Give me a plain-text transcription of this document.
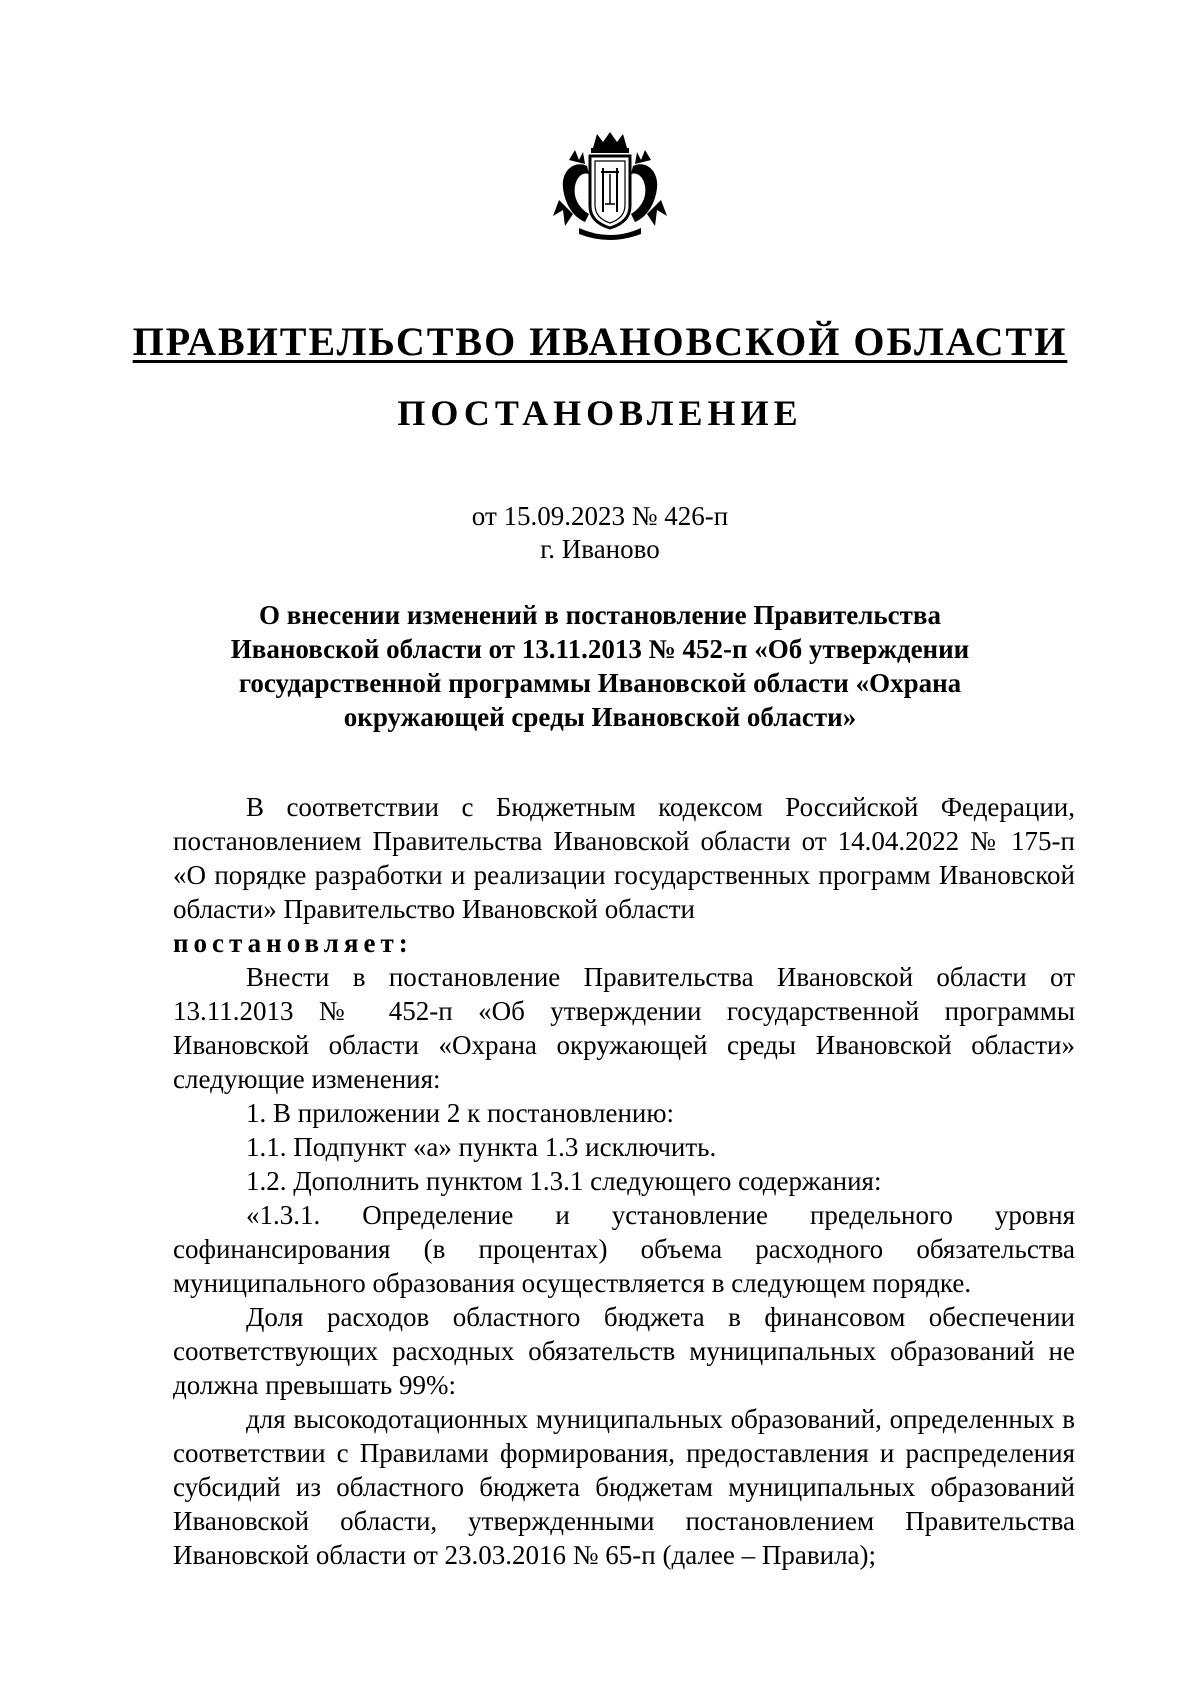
ПРАВИТЕЛЬСТВО ИВАНОВСКОЙ ОБЛАСТИ
ПОСТАНОВЛЕНИЕ
от 15.09.2023 № 426-п
г. Иваново
О внесении изменений в постановление Правительства
Ивановской области от 13.11.2013 № 452-п «Об утверждении
государственной программы Ивановской области «Охрана
окружающей среды Ивановской области»

В соответствии с Бюджетным кодексом Российской Федерации, постановлением Правительства Ивановской области от 14.04.2022 № 175-п «О порядке разработки и реализации государственных программ Ивановской области» Правительство Ивановской области

постановляет:

Внести в постановление Правительства Ивановской области от 13.11.2013 № 452-п «Об утверждении государственной программы Ивановской области «Охрана окружающей среды Ивановской области» следующие изменения:

1. В приложении 2 к постановлению:

1.1. Подпункт «а» пункта 1.3 исключить.

1.2. Дополнить пунктом 1.3.1 следующего содержания:

«1.3.1. Определение и установление предельного уровня софинансирования (в процентах) объема расходного обязательства муниципального образования осуществляется в следующем порядке.

Доля расходов областного бюджета в финансовом обеспечении соответствующих расходных обязательств муниципальных образований не должна превышать 99%:

для высокодотационных муниципальных образований, определенных в соответствии с Правилами формирования, предоставления и распределения субсидий из областного бюджета бюджетам муниципальных образований Ивановской области, утвержденными постановлением Правительства Ивановской области от 23.03.2016 № 65-п (далее – Правила);
